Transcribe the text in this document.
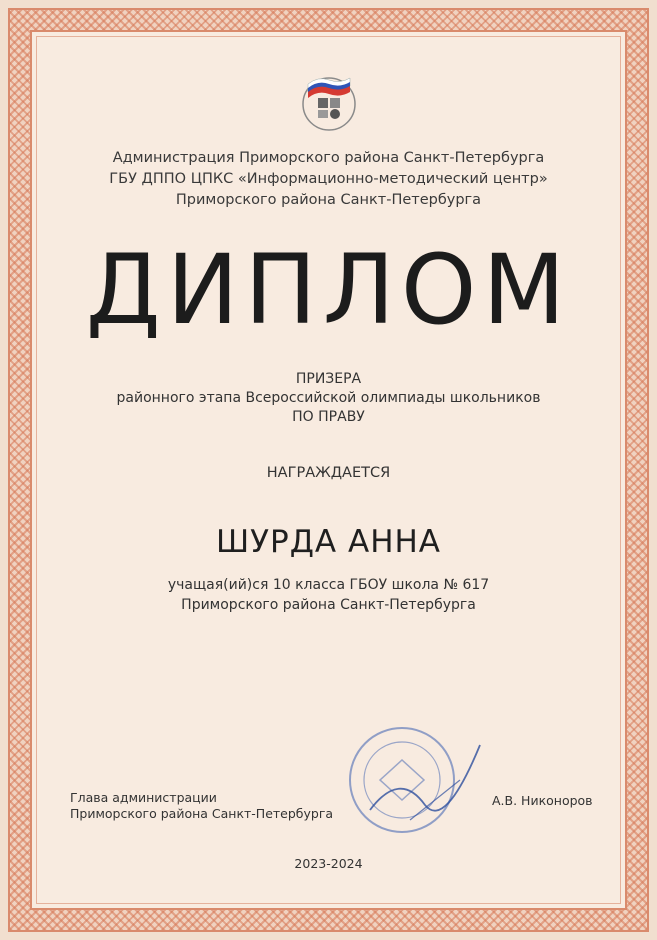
Администрация Приморского района Санкт-Петербурга
ГБУ ДППО ЦПКС «Информационно-методический центр»
Приморского района Санкт-Петербурга
ДИПЛОМ
ПРИЗЕРА
районного этапа Всероссийской олимпиады школьников
ПО ПРАВУ
НАГРАЖДАЕТСЯ
ШУРДА АННА
учащая(ий)ся 10 класса ГБОУ школа № 617
Приморского района Санкт-Петербурга
Глава администрации
Приморского района Санкт-Петербурга
А.В. Никоноров
2023-2024
